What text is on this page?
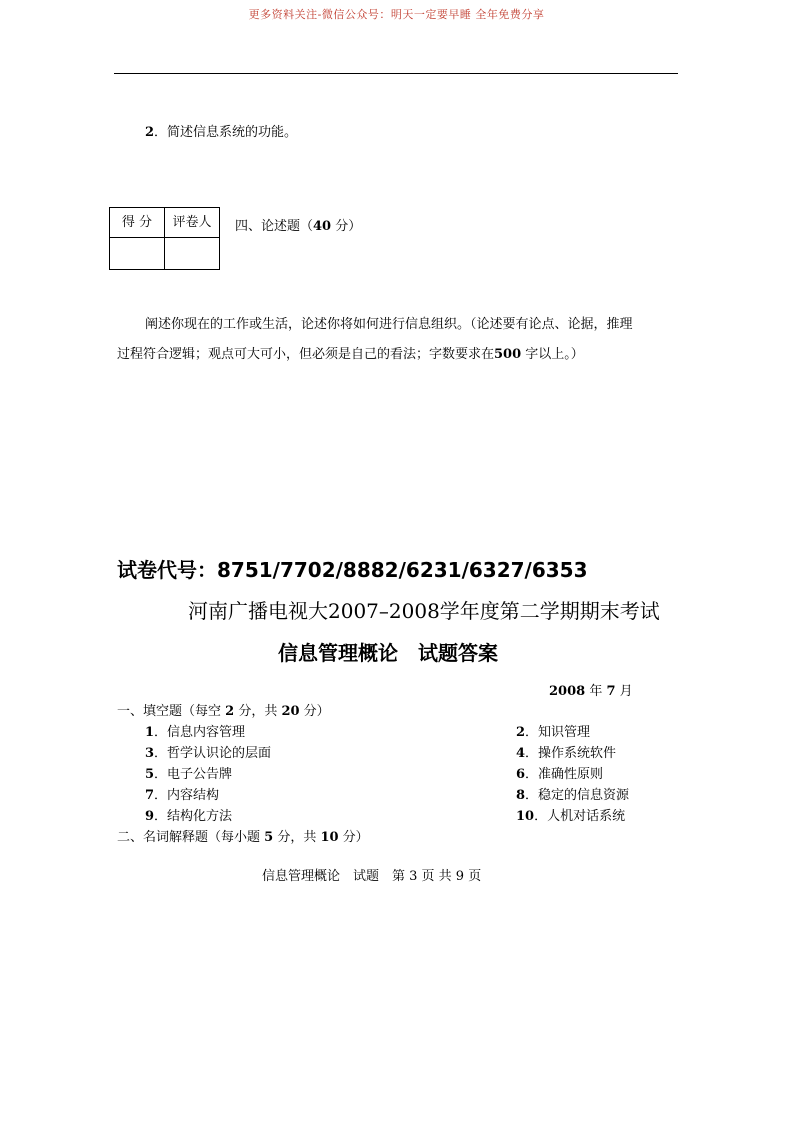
更多资料关注-微信公众号：明天一定要早睡 全年免费分享
2．简述信息系统的功能。
得 分	评卷人
	四、论述题（40 分）
阐述你现在的工作或生活，论述你将如何进行信息组织。（论述要有论点、论据，推理
过程符合逻辑；观点可大可小，但必须是自己的看法；字数要求在500 字以上。）
试卷代号：8751/7702/8882/6231/6327/6353
河南广播电视大2007–2008学年度第二学期期末考试
信息管理概论　试题答案
2008 年 7 月
一、填空题（每空 2 分，共 20 分）
1．信息内容管理	2．知识管理
3．哲学认识论的层面	4．操作系统软件
5．电子公告牌	6．准确性原则
7．内容结构	8．稳定的信息资源
9．结构化方法	10．人机对话系统
二、名词解释题（每小题 5 分，共 10 分）
信息管理概论　试题　第 3 页 共 9 页
